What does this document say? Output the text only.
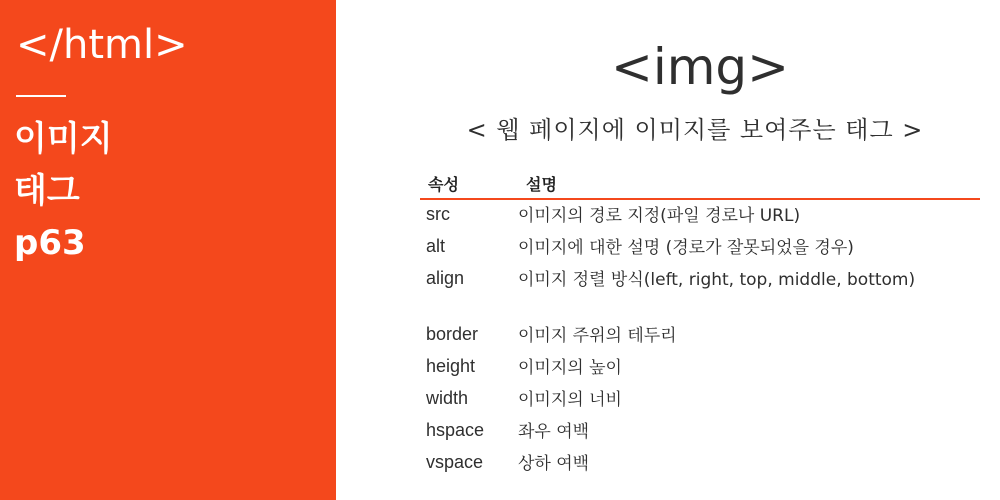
</html>
이미지
태그
p63
<img>
< 웹 페이지에 이미지를 보여주는 태그 >
속성	설명
src	이미지의 경로 지정(파일 경로나 URL)
alt	이미지에 대한 설명 (경로가 잘못되었을 경우)
align	이미지 정렬 방식(left, right, top, middle, bottom)
border	이미지 주위의 테두리
height	이미지의 높이
width	이미지의 너비
hspace	좌우 여백
vspace	상하 여백
